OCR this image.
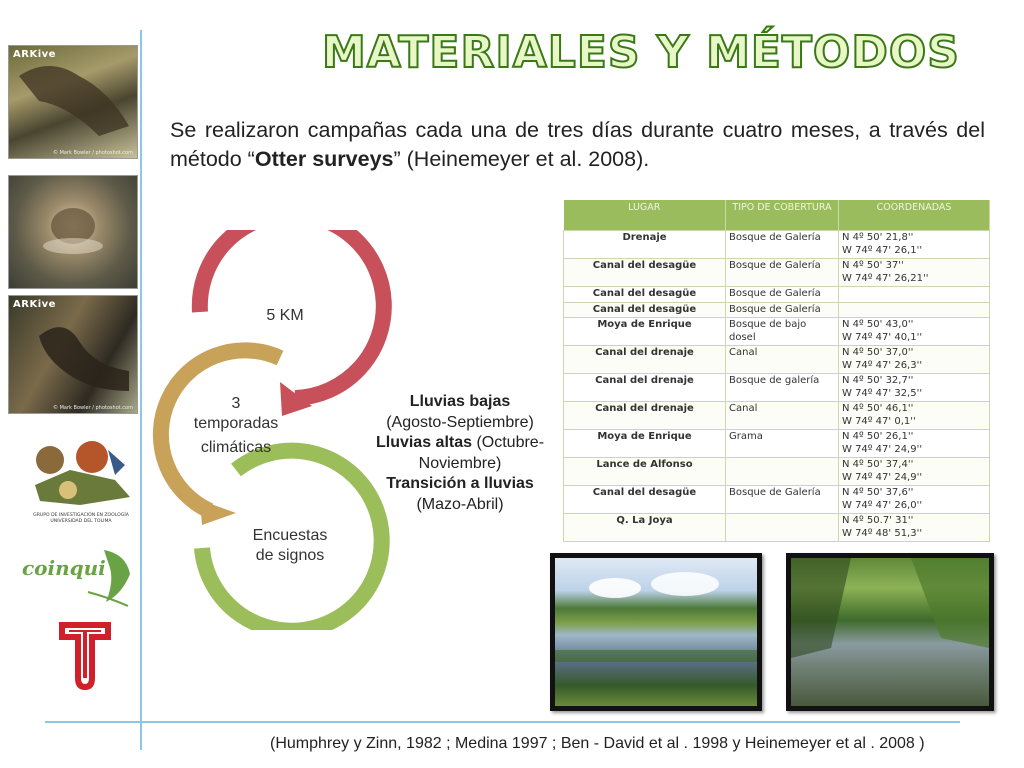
ARKive
© Mark Bowler / photoshot.com
ARKive
© Mark Bowler / photoshot.com
GRUPO DE INVESTIGACIÓN EN ZOOLOGÍA UNIVERSIDAD DEL TOLIMA
coinqui
MATERIALES Y MÉTODOS
Se realizaron campañas cada una de tres días durante cuatro meses, a través del método “Otter surveys” (Heinemeyer et al. 2008).
5 KM
3
temporadas
climáticas
Encuestas
de signos
Lluvias bajas
(Agosto-Septiembre)
Lluvias altas (Octubre-
Noviembre)
Transición a lluvias
(Mazo-Abril)
LUGAR	TIPO DE COBERTURA	COORDENADAS
Drenaje	Bosque de Galería	N 4º 50' 21,8''
W 74º 47' 26,1''

Canal del desagüe	Bosque de Galería	N 4º 50' 37''
W 74º 47' 26,21''

Canal del desagüe	Bosque de Galería	

Canal del desagüe	Bosque de Galería	

Moya de Enrique	Bosque de bajo dosel	N 4º 50' 43,0''
W 74º 47' 40,1''

Canal del drenaje	Canal	N 4º 50' 37,0''
W 74º 47' 26,3''

Canal del drenaje	Bosque de galería	N 4º 50' 32,7''
W 74º 47' 32,5''

Canal del drenaje	Canal	N 4º 50' 46,1''
W 74º 47' 0,1''

Moya de Enrique	Grama	N 4º 50' 26,1''
W 74º 47' 24,9''

Lance de Alfonso		N 4º 50' 37,4''
W 74º 47' 24,9''

Canal del desagüe	Bosque de Galería	N 4º 50' 37,6''
W 74º 47' 26,0''

Q. La Joya		N 4º 50.7' 31''
W 74º 48' 51,3''
(Humphrey y Zinn, 1982 ; Medina 1997 ; Ben - David et al . 1998 y Heinemeyer et al . 2008 )
